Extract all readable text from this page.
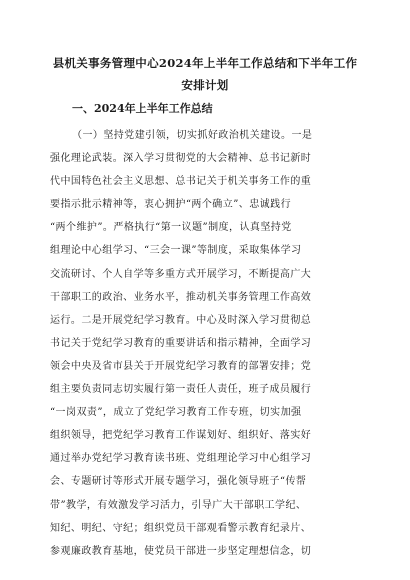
县机关事务管理中心2024年上半年工作总结和下半年工作
安排计划
一、2024年上半年工作总结
（一）坚持党建引领，切实抓好政治机关建设。一是
强化理论武装。深入学习贯彻党的大会精神、总书记新时
代中国特色社会主义思想、总书记关于机关事务工作的重
要指示批示精神等，衷心拥护“两个确立”、忠诚践行
“两个维护”。严格执行“第一议题”制度，认真坚持党
组理论中心组学习、“三会一课”等制度，采取集体学习
交流研讨、个人自学等多重方式开展学习，不断提高广大
干部职工的政治、业务水平，推动机关事务管理工作高效
运行。二是开展党纪学习教育。中心及时深入学习贯彻总
书记关于党纪学习教育的重要讲话和指示精神，全面学习
领会中央及省市县关于开展党纪学习教育的部署安排；党
组主要负责同志切实履行第一责任人责任，班子成员履行
“一岗双责”，成立了党纪学习教育工作专班，切实加强
组织领导，把党纪学习教育工作谋划好、组织好、落实好
通过举办党纪学习教育读书班、党组理论学习中心组学习
会、专题研讨等形式开展专题学习，强化领导班子“传帮
带”教学，有效激发学习活力，引导广大干部职工学纪、
知纪、明纪、守纪；组织党员干部观看警示教育纪录片、
参观廉政教育基地，使党员干部进一步坚定理想信念，切
